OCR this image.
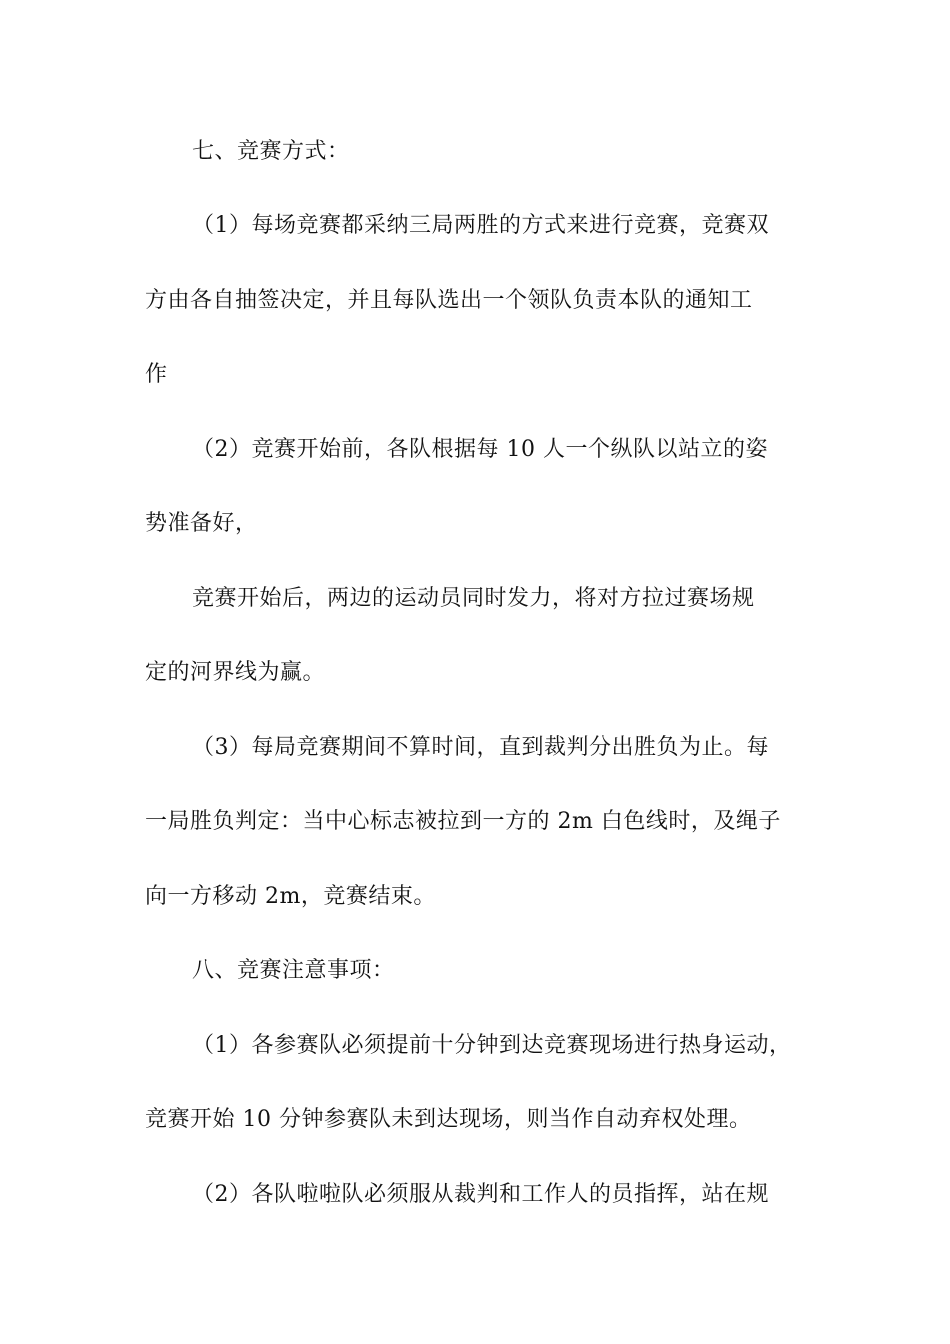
七、竞赛方式：
（1）每场竞赛都采纳三局两胜的方式来进行竞赛，竞赛双
方由各自抽签决定，并且每队选出一个领队负责本队的通知工
作
（2）竞赛开始前，各队根据每 10 人一个纵队以站立的姿
势准备好，
竞赛开始后，两边的运动员同时发力，将对方拉过赛场规
定的河界线为赢。
（3）每局竞赛期间不算时间，直到裁判分出胜负为止。每
一局胜负判定：当中心标志被拉到一方的 2m 白色线时，及绳子
向一方移动 2m，竞赛结束。
八、竞赛注意事项：
（1）各参赛队必须提前十分钟到达竞赛现场进行热身运动，
竞赛开始 10 分钟参赛队未到达现场，则当作自动弃权处理。
（2）各队啦啦队必须服从裁判和工作人的员指挥，站在规
